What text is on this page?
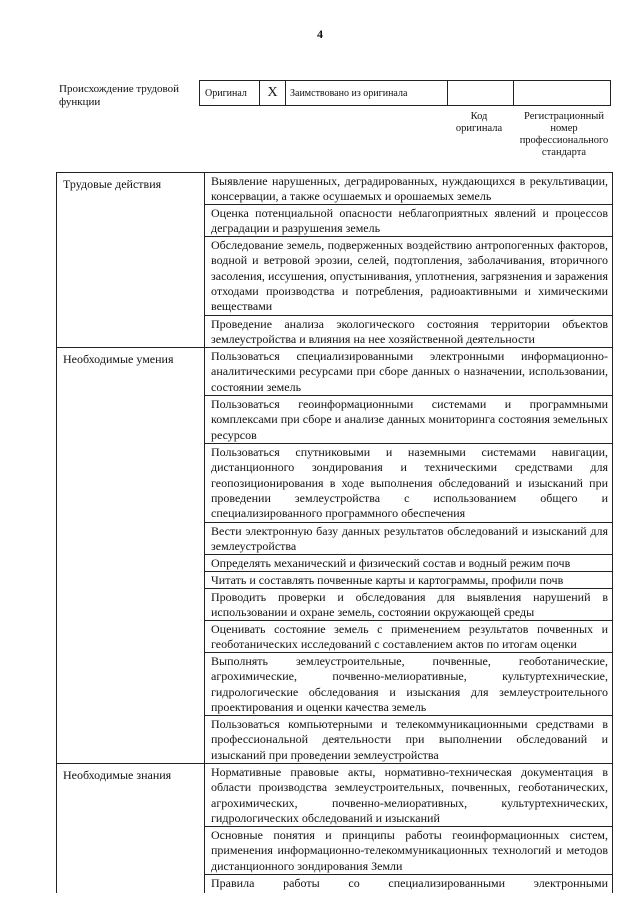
4
Происхождение трудовой функции
Оригинал	X	Заимствовано из оригинала
Код оригинала
Регистрационный номер профессионального стандарта
Трудовые действия	Выявление нарушенных, деградированных, нуждающихся в рекультивации, консервации, а также осушаемых и орошаемых земель
Оценка потенциальной опасности неблагоприятных явлений и процессов деградации и разрушения земель
Обследование земель, подверженных воздействию антропогенных факторов, водной и ветровой эрозии, селей, подтопления, заболачивания, вторичного засоления, иссушения, опустынивания, уплотнения, загрязнения и заражения отходами производства и потребления, радиоактивными и химическими веществами
Проведение анализа экологического состояния территории объектов землеустройства и влияния на нее хозяйственной деятельности
Необходимые умения	Пользоваться специализированными электронными информационно-аналитическими ресурсами при сборе данных о назначении, использовании, состоянии земель
Пользоваться геоинформационными системами и программными комплексами при сборе и анализе данных мониторинга состояния земельных ресурсов
Пользоваться спутниковыми и наземными системами навигации, дистанционного зондирования и техническими средствами для геопозиционирования в ходе выполнения обследований и изысканий при проведении землеустройства с использованием общего и специализированного программного обеспечения
Вести электронную базу данных результатов обследований и изысканий для землеустройства
Определять механический и физический состав и водный режим почв
Читать и составлять почвенные карты и картограммы, профили почв
Проводить проверки и обследования для выявления нарушений в использовании и охране земель, состоянии окружающей среды
Оценивать состояние земель с применением результатов почвенных и геоботанических исследований с составлением актов по итогам оценки
Выполнять землеустроительные, почвенные, геоботанические, агрохимические, почвенно-мелиоративные, культуртехнические, гидрологические обследования и изыскания для землеустроительного проектирования и оценки качества земель
Пользоваться компьютерными и телекоммуникационными средствами в профессиональной деятельности при выполнении обследований и изысканий при проведении землеустройства
Необходимые знания	Нормативные правовые акты, нормативно-техническая документация в области производства землеустроительных, почвенных, геоботанических, агрохимических, почвенно-мелиоративных, культуртехнических, гидрологических обследований и изысканий
Основные понятия и принципы работы геоинформационных систем, применения информационно-телекоммуникационных технологий и методов дистанционного зондирования Земли
Правила работы со специализированными электронными
